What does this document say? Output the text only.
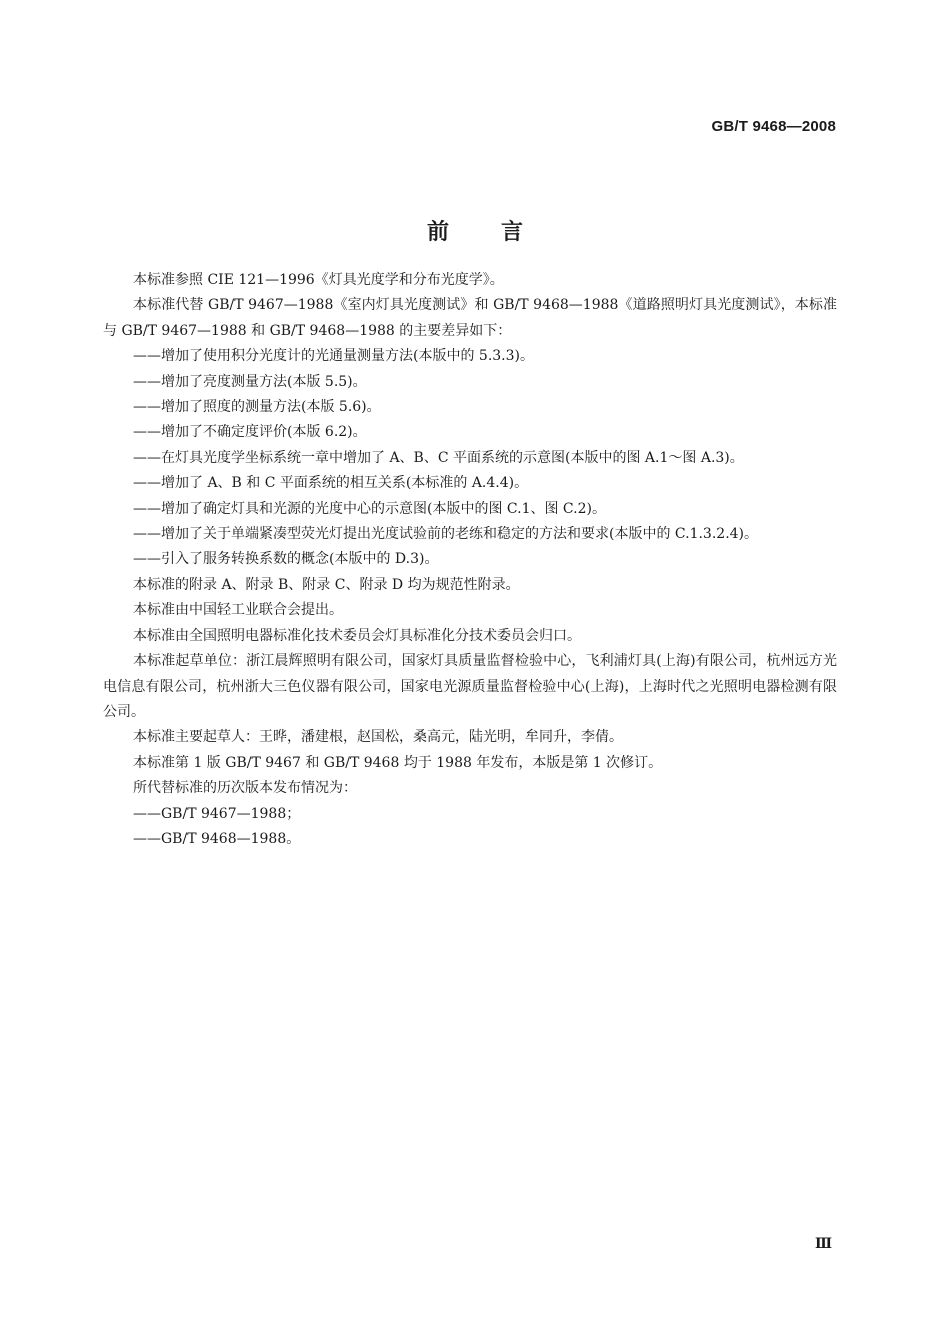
GB/T 9468—2008
前言

本标准参照 CIE 121—1996《灯具光度学和分布光度学》。

本标准代替 GB/T 9467—1988《室内灯具光度测试》和 GB/T 9468—1988《道路照明灯具光度测试》，本标准与 GB/T 9467—1988 和 GB/T 9468—1988 的主要差异如下：

——增加了使用积分光度计的光通量测量方法(本版中的 5.3.3)。

——增加了亮度测量方法(本版 5.5)。

——增加了照度的测量方法(本版 5.6)。

——增加了不确定度评价(本版 6.2)。

——在灯具光度学坐标系统一章中增加了 A、B、C 平面系统的示意图(本版中的图 A.1～图 A.3)。

——增加了 A、B 和 C 平面系统的相互关系(本标准的 A.4.4)。

——增加了确定灯具和光源的光度中心的示意图(本版中的图 C.1、图 C.2)。

——增加了关于单端紧凑型荧光灯提出光度试验前的老练和稳定的方法和要求(本版中的 C.1.3.2.4)。

——引入了服务转换系数的概念(本版中的 D.3)。

本标准的附录 A、附录 B、附录 C、附录 D 均为规范性附录。

本标准由中国轻工业联合会提出。

本标准由全国照明电器标准化技术委员会灯具标准化分技术委员会归口。

本标准起草单位：浙江晨辉照明有限公司，国家灯具质量监督检验中心，飞利浦灯具(上海)有限公司，杭州远方光电信息有限公司，杭州浙大三色仪器有限公司，国家电光源质量监督检验中心(上海)，上海时代之光照明电器检测有限公司。

本标准主要起草人：王晔，潘建根，赵国松，桑高元，陆光明，牟同升，李倩。

本标准第 1 版 GB/T 9467 和 GB/T 9468 均于 1988 年发布，本版是第 1 次修订。

所代替标准的历次版本发布情况为：

——GB/T 9467—1988；

——GB/T 9468—1988。

Ⅲ
